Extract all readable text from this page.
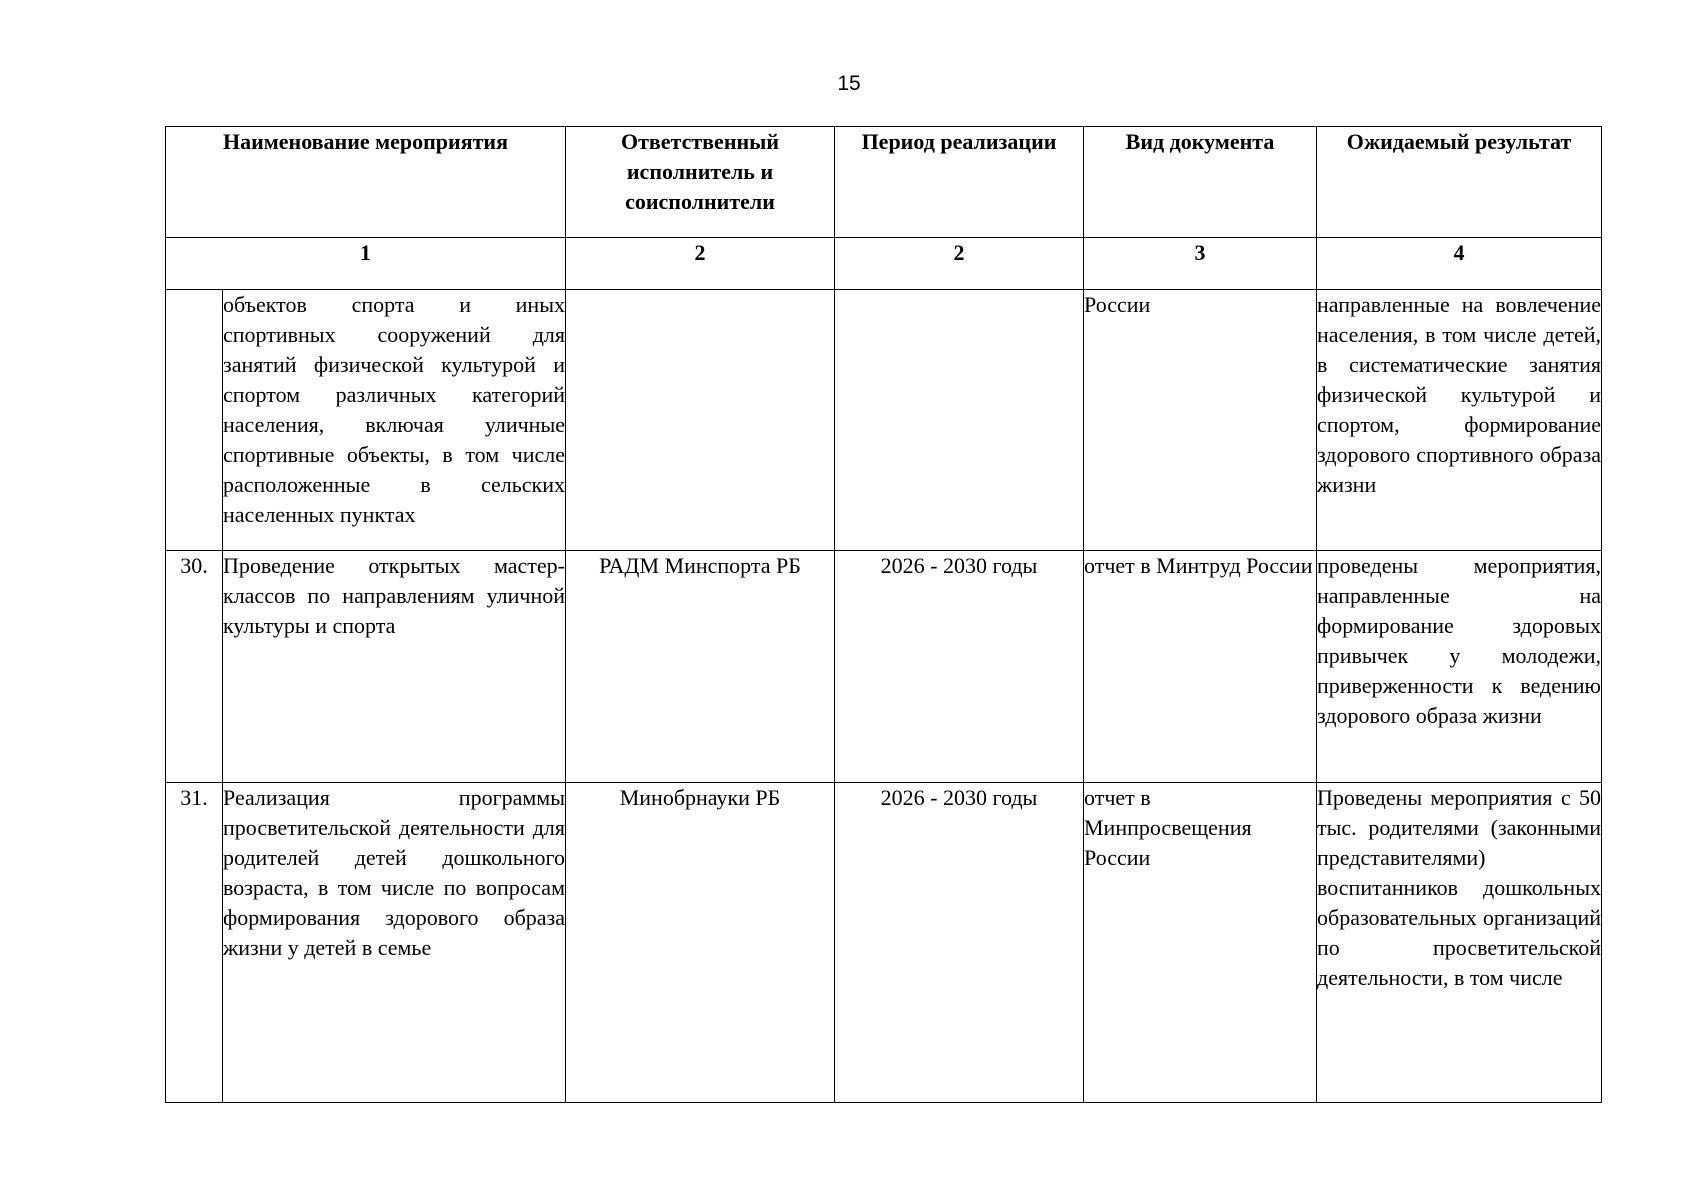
15
Наименование мероприятия		Ответственный исполнитель и соисполнители	Период реализации	Вид документа	Ожидаемый результат
1		2	2	3	4
	объектов спорта и иных спортивных сооружений для занятий физической культурой и спортом различных категорий населения, включая уличные спортивные объекты, в том числе расположенные в сельских населенных пунктах			России	направленные на вовлечение населения, в том числе детей, в систематические занятия физической культурой и спортом, формирование здорового спортивного образа жизни
30.	Проведение открытых мастер-классов по направлениям уличной культуры и спорта	РАДМ Минспорта РБ	2026 - 2030 годы	отчет в Минтруд России	проведены мероприятия, направленные на формирование здоровых привычек у молодежи, приверженности к ведению здорового образа жизни
31.	Реализация программы просветительской деятельности для родителей детей дошкольного возраста, в том числе по вопросам формирования здорового образа жизни у детей в семье	Минобрнауки РБ	2026 - 2030 годы	отчет в Минпросвещения России	Проведены мероприятия с 50 тыс. родителями (законными представителями) воспитанников дошкольных образовательных организаций по просветительской деятельности, в том числе
